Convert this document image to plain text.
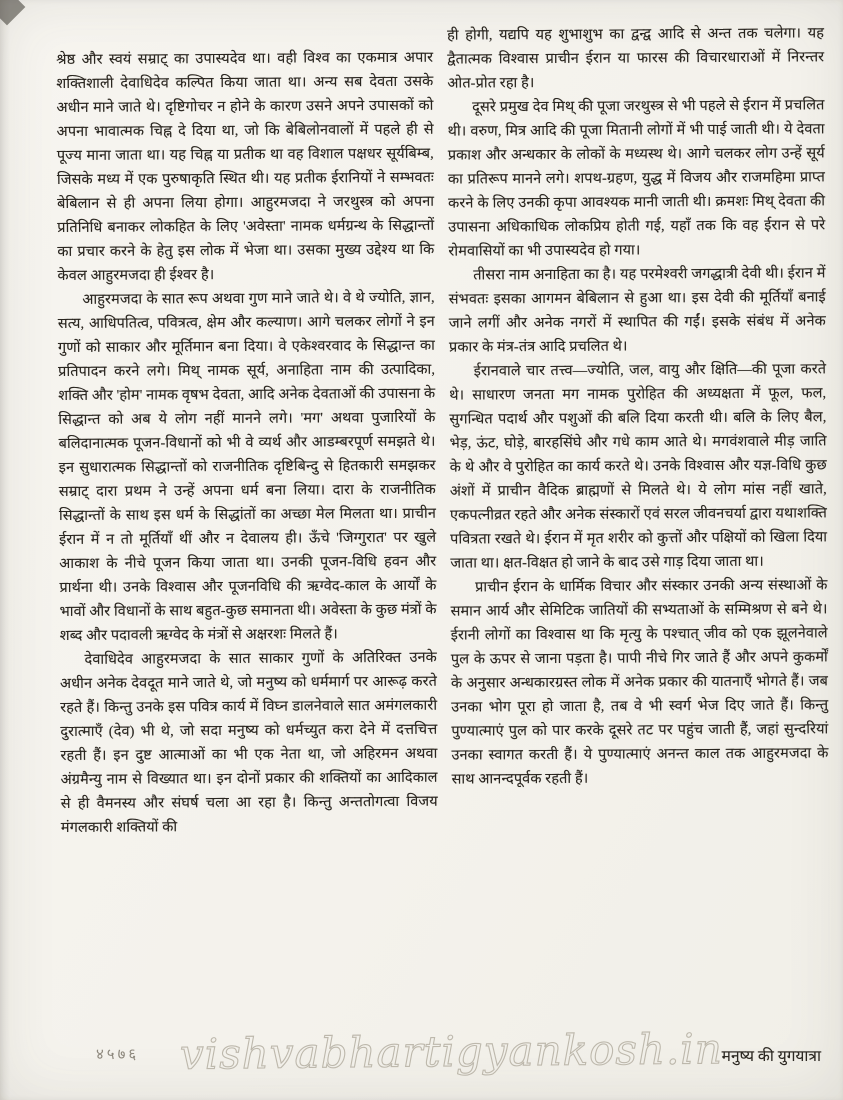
श्रेष्ठ और स्वयं सम्राट् का उपास्यदेव था। वही विश्व का एकमात्र अपार शक्तिशाली देवाधिदेव कल्पित किया जाता था। अन्य सब देवता उसके अधीन माने जाते थे। दृष्टिगोचर न होने के कारण उसने अपने उपासकों को अपना भावात्मक चिह्न दे दिया था, जो कि बेबिलोनवालों में पहले ही से पूज्य माना जाता था। यह चिह्न या प्रतीक था वह विशाल पक्षधर सूर्यबिम्ब, जिसके मध्य में एक पुरुषाकृति स्थित थी। यह प्रतीक ईरानियों ने सम्भवतः बेबिलान से ही अपना लिया होगा। आहुरमजदा ने जरथुस्त्र को अपना प्रतिनिधि बनाकर लोकहित के लिए 'अवेस्ता' नामक धर्मग्रन्थ के सिद्धान्तों का प्रचार करने के हेतु इस लोक में भेजा था। उसका मुख्य उद्देश्य था कि केवल आहुरमजदा ही ईश्वर है।

आहुरमजदा के सात रूप अथवा गुण माने जाते थे। वे थे ज्योति, ज्ञान, सत्य, आधिपतित्व, पवित्रत्व, क्षेम और कल्याण। आगे चलकर लोगों ने इन गुणों को साकार और मूर्तिमान बना दिया। वे एकेश्वरवाद के सिद्धान्त का प्रतिपादन करने लगे। मिथ् नामक सूर्य, अनाहिता नाम की उत्पादिका, शक्ति और 'होम' नामक वृषभ देवता, आदि अनेक देवताओं की उपासना के सिद्धान्त को अब ये लोग नहीं मानने लगे। 'मग' अथवा पुजारियों के बलिदानात्मक पूजन-विधानों को भी वे व्यर्थ और आडम्बरपूर्ण समझते थे। इन सुधारात्मक सिद्धान्तों को राजनीतिक दृष्टिबिन्दु से हितकारी समझकर सम्राट् दारा प्रथम ने उन्हें अपना धर्म बना लिया। दारा के राजनीतिक सिद्धान्तों के साथ इस धर्म के सिद्धांतों का अच्छा मेल मिलता था। प्राचीन ईरान में न तो मूर्तियाँ थीं और न देवालय ही। ऊँचे 'जिग्गुरात' पर खुले आकाश के नीचे पूजन किया जाता था। उनकी पूजन-विधि हवन और प्रार्थना थी। उनके विश्वास और पूजनविधि की ऋग्वेद-काल के आर्यों के भावों और विधानों के साथ बहुत-कुछ समानता थी। अवेस्ता के कुछ मंत्रों के शब्द और पदावली ऋग्वेद के मंत्रों से अक्षरशः मिलते हैं।

देवाधिदेव आहुरमजदा के सात साकार गुणों के अतिरिक्त उनके अधीन अनेक देवदूत माने जाते थे, जो मनुष्य को धर्ममार्ग पर आरूढ़ करते रहते हैं। किन्तु उनके इस पवित्र कार्य में विघ्न डालनेवाले सात अमंगलकारी दुरात्माएँ (देव) भी थे, जो सदा मनुष्य को धर्मच्युत करा देने में दत्तचित्त रहती हैं। इन दुष्ट आत्माओं का भी एक नेता था, जो अहिरमन अथवा अंग्रमैन्यु नाम से विख्यात था। इन दोनों प्रकार की शक्तियों का आदिकाल से ही वैमनस्य और संघर्ष चला आ रहा है। किन्तु अन्ततोगत्वा विजय मंगलकारी शक्तियों की

ही होगी, यद्यपि यह शुभाशुभ का द्वन्द्व आदि से अन्त तक चलेगा। यह द्वैतात्मक विश्वास प्राचीन ईरान या फारस की विचारधाराओं में निरन्तर ओत-प्रोत रहा है।

दूसरे प्रमुख देव मिथ् की पूजा जरथुस्त्र से भी पहले से ईरान में प्रचलित थी। वरुण, मित्र आदि की पूजा मितानी लोगों में भी पाई जाती थी। ये देवता प्रकाश और अन्धकार के लोकों के मध्यस्थ थे। आगे चलकर लोग उन्हें सूर्य का प्रतिरूप मानने लगे। शपथ-ग्रहण, युद्ध में विजय और राजमहिमा प्राप्त करने के लिए उनकी कृपा आवश्यक मानी जाती थी। क्रमशः मिथ् देवता की उपासना अधिकाधिक लोकप्रिय होती गई, यहाँ तक कि वह ईरान से परे रोमवासियों का भी उपास्यदेव हो गया।

तीसरा नाम अनाहिता का है। यह परमेश्वरी जगद्धात्री देवी थी। ईरान में संभवतः इसका आगमन बेबिलान से हुआ था। इस देवी की मूर्तियाँ बनाई जाने लगीं और अनेक नगरों में स्थापित की गईं। इसके संबंध में अनेक प्रकार के मंत्र-तंत्र आदि प्रचलित थे।

ईरानवाले चार तत्त्व—ज्योति, जल, वायु और क्षिति—की पूजा करते थे। साधारण जनता मग नामक पुरोहित की अध्यक्षता में फूल, फल, सुगन्धित पदार्थ और पशुओं की बलि दिया करती थी। बलि के लिए बैल, भेड़, ऊंट, घोड़े, बारहसिंघे और गधे काम आते थे। मगवंशवाले मीड़ जाति के थे और वे पुरोहित का कार्य करते थे। उनके विश्वास और यज्ञ-विधि कुछ अंशों में प्राचीन वैदिक ब्राह्मणों से मिलते थे। ये लोग मांस नहीं खाते, एकपत्नीव्रत रहते और अनेक संस्कारों एवं सरल जीवनचर्या द्वारा यथाशक्ति पवित्रता रखते थे। ईरान में मृत शरीर को कुत्तों और पक्षियों को खिला दिया जाता था। क्षत-विक्षत हो जाने के बाद उसे गाड़ दिया जाता था।

प्राचीन ईरान के धार्मिक विचार और संस्कार उनकी अन्य संस्थाओं के समान आर्य और सेमिटिक जातियों की सभ्यताओं के सम्मिश्रण से बने थे। ईरानी लोगों का विश्वास था कि मृत्यु के पश्चात् जीव को एक झूलनेवाले पुल के ऊपर से जाना पड़ता है। पापी नीचे गिर जाते हैं और अपने कुकर्मों के अनुसार अन्धकारग्रस्त लोक में अनेक प्रकार की यातनाएँ भोगते हैं। जब उनका भोग पूरा हो जाता है, तब वे भी स्वर्ग भेज दिए जाते हैं। किन्तु पुण्यात्माएं पुल को पार करके दूसरे तट पर पहुंच जाती हैं, जहां सुन्दरियां उनका स्वागत करती हैं। ये पुण्यात्माएं अनन्त काल तक आहुरमजदा के साथ आनन्दपूर्वक रहती हैं।

४५७६ vishvabhartigyankosh.in
मनुष्य की युगयात्रा
